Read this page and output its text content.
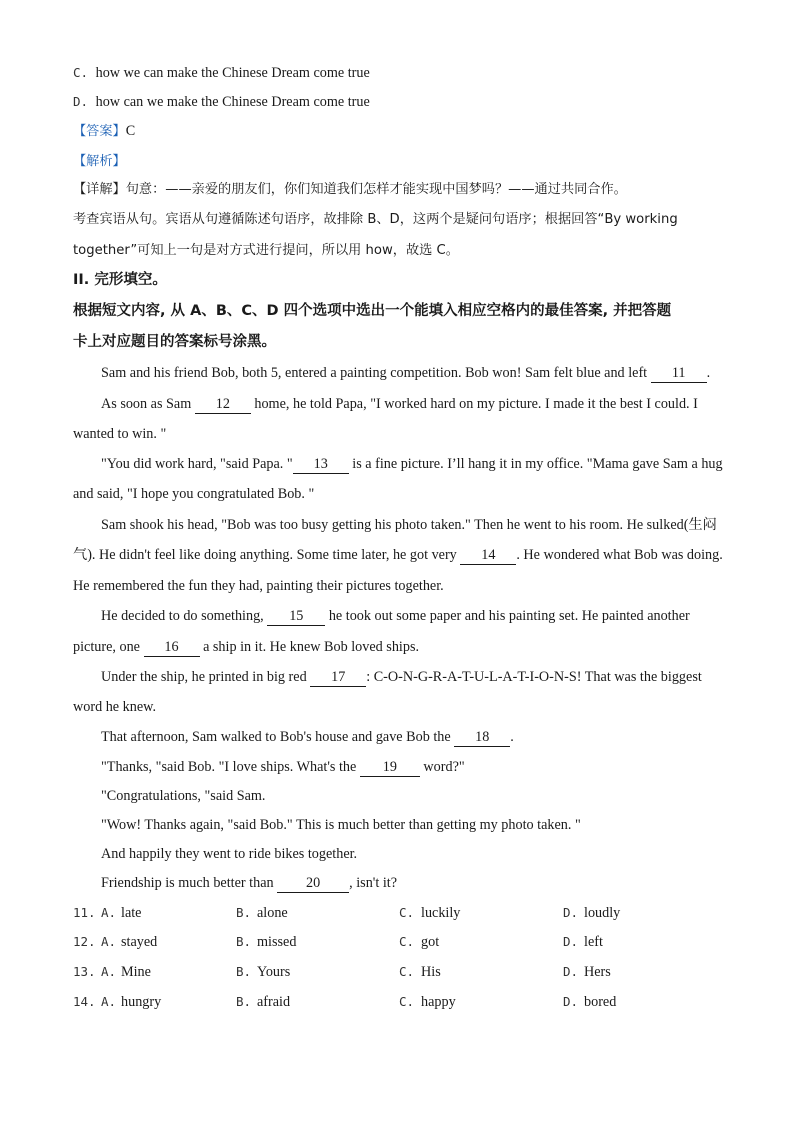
C. how we can make the Chinese Dream come true
D. how can we make the Chinese Dream come true
【答案】C
【解析】
【详解】句意：——亲爱的朋友们，你们知道我们怎样才能实现中国梦吗？——通过共同合作。
考查宾语从句。宾语从句遵循陈述句语序，故排除 B、D，这两个是疑问句语序；根据回答“By working
together”可知上一句是对方式进行提问，所以用 how，故选 C。
II. 完形填空。
根据短文内容, 从 A、B、C、D 四个选项中选出一个能填入相应空格内的最佳答案, 并把答题
卡上对应题目的答案标号涂黑。
Sam and his friend Bob, both 5, entered a painting competition. Bob won! Sam felt blue and left 11 .
As soon as Sam 12 home, he told Papa, "I worked hard on my picture. I made it the best I could. I
wanted to win. "
"You did work hard, "said Papa. " 13 is a fine picture. I’ll hang it in my office. "Mama gave Sam a hug
and said, "I hope you congratulated Bob. "
Sam shook his head, "Bob was too busy getting his photo taken." Then he went to his room. He sulked(生闷
气). He didn't feel like doing anything. Some time later, he got very 14 . He wondered what Bob was doing.
He remembered the fun they had, painting their pictures together.
He decided to do something, 15 he took out some paper and his painting set. He painted another
picture, one 16 a ship in it. He knew Bob loved ships.
Under the ship, he printed in big red 17 : C-O-N-G-R-A-T-U-L-A-T-I-O-N-S! That was the biggest
word he knew.
That afternoon, Sam walked to Bob's house and gave Bob the 18 .
"Thanks, "said Bob. "I love ships. What's the 19 word?"
"Congratulations, "said Sam.
"Wow! Thanks again, "said Bob." This is much better than getting my photo taken. "
And happily they went to ride bikes together.
Friendship is much better than 20 , isn't it?
11. A. late	B. alone	C. luckily	D. loudly
12. A. stayed	B. missed	C. got	D. left
13. A. Mine	B. Yours	C. His	D. Hers
14. A. hungry	B. afraid	C. happy	D. bored
